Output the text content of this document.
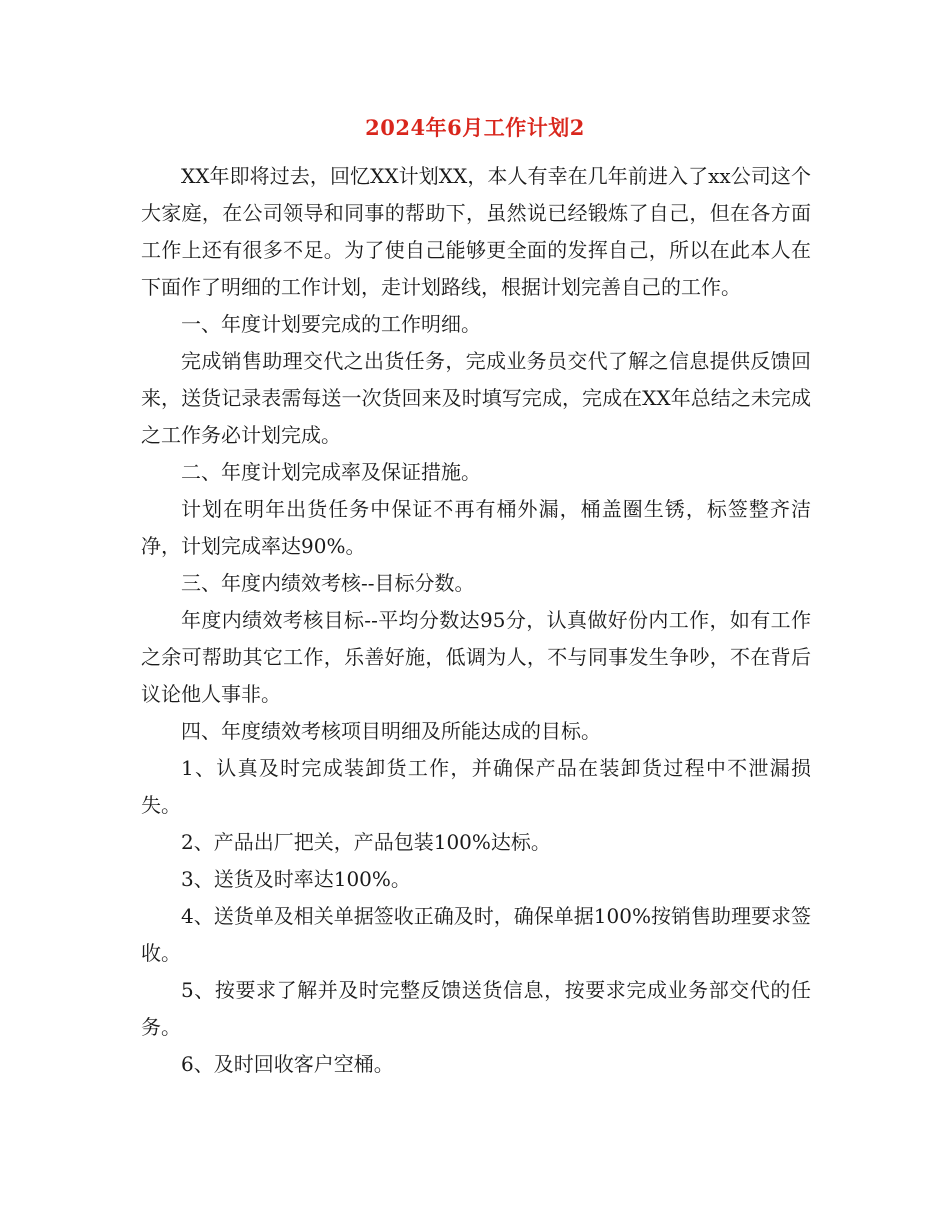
2024年6月工作计划2

XX年即将过去，回忆XX计划XX，本人有幸在几年前进入了xx公司这个大家庭，在公司领导和同事的帮助下，虽然说已经锻炼了自己，但在各方面工作上还有很多不足。为了使自己能够更全面的发挥自己，所以在此本人在下面作了明细的工作计划，走计划路线，根据计划完善自己的工作。

一、年度计划要完成的工作明细。

完成销售助理交代之出货任务，完成业务员交代了解之信息提供反馈回来，送货记录表需每送一次货回来及时填写完成，完成在XX年总结之未完成之工作务必计划完成。

二、年度计划完成率及保证措施。

计划在明年出货任务中保证不再有桶外漏，桶盖圈生锈，标签整齐洁净，计划完成率达90%。

三、年度内绩效考核--目标分数。

年度内绩效考核目标--平均分数达95分，认真做好份内工作，如有工作之余可帮助其它工作，乐善好施，低调为人，不与同事发生争吵，不在背后议论他人事非。

四、年度绩效考核项目明细及所能达成的目标。

1、认真及时完成装卸货工作，并确保产品在装卸货过程中不泄漏损失。

2、产品出厂把关，产品包装100%达标。

3、送货及时率达100%。

4、送货单及相关单据签收正确及时，确保单据100%按销售助理要求签收。

5、按要求了解并及时完整反馈送货信息，按要求完成业务部交代的任务。

6、及时回收客户空桶。
